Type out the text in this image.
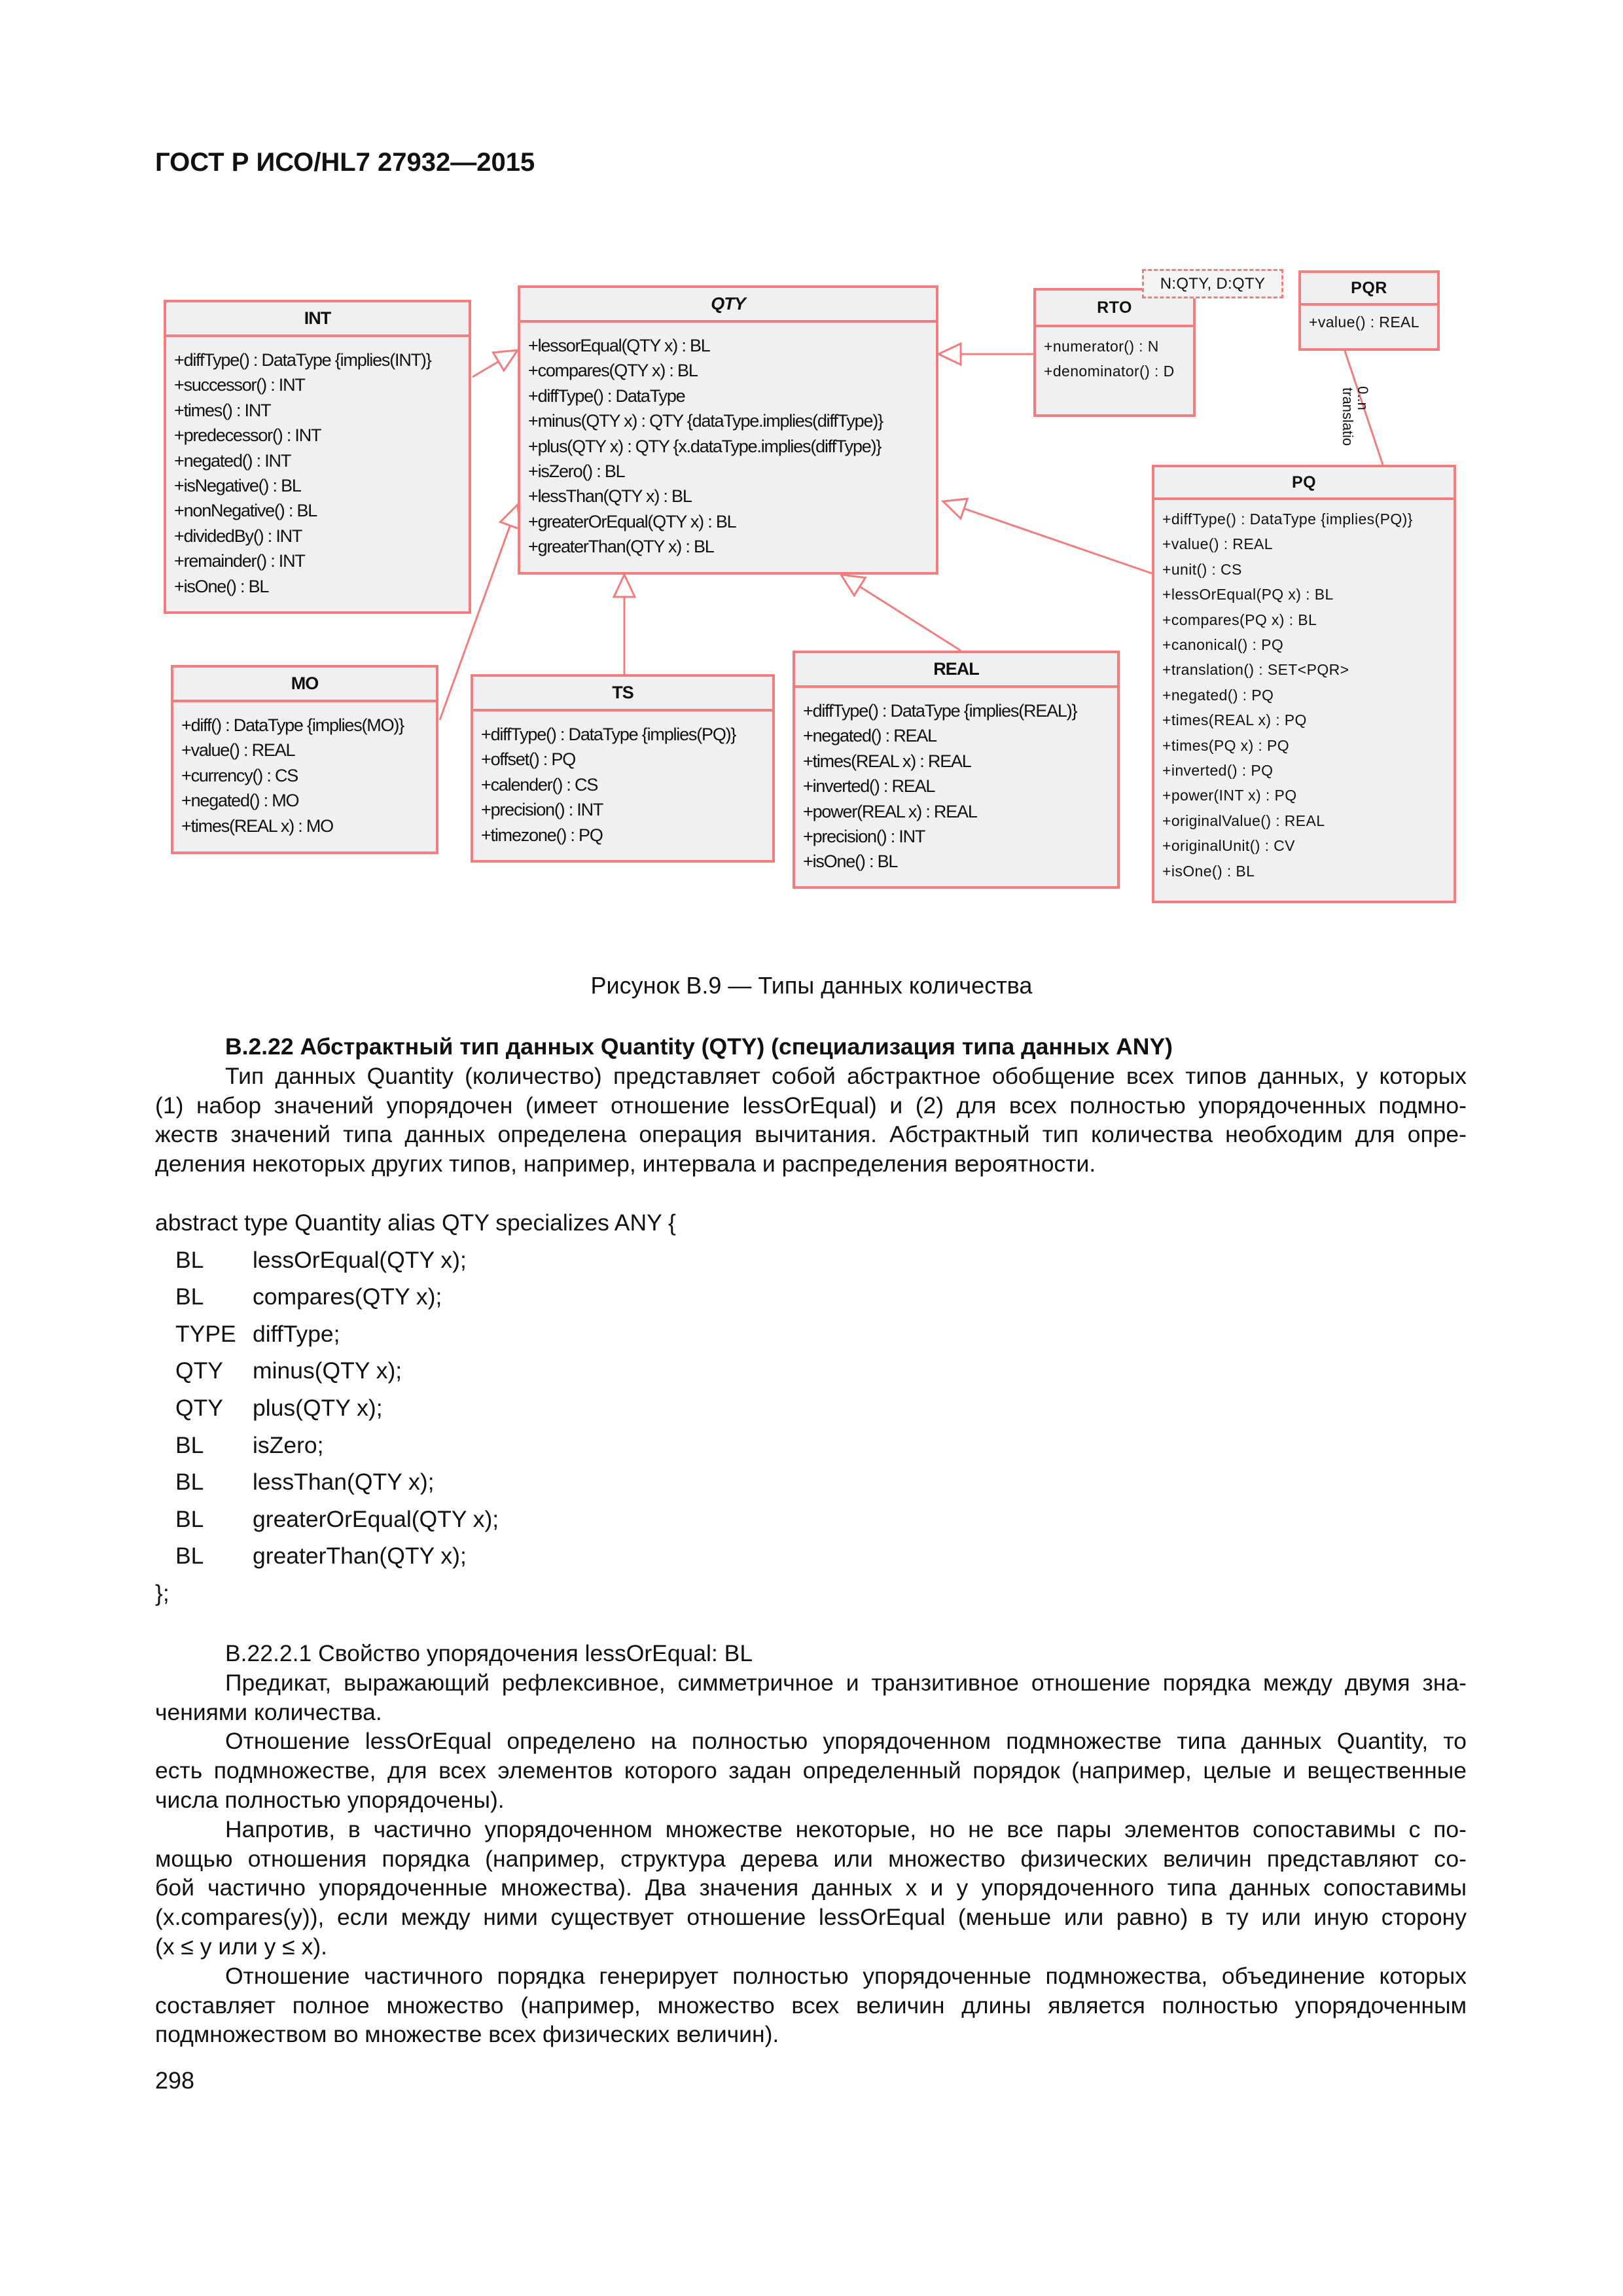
ГОСТ Р ИСО/HL7 27932—2015
0..n
translatio
INT
+diffType() : DataType {implies(INT)}
+successor() : INT
+times() : INT
+predecessor() : INT
+negated() : INT
+isNegative() : BL
+nonNegative() : BL
+dividedBy() : INT
+remainder() : INT
+isOne() : BL
QTY
+lessorEqual(QTY x) : BL
+compares(QTY x) : BL
+diffType() : DataType
+minus(QTY x) : QTY {dataType.implies(diffType)}
+plus(QTY x) : QTY {x.dataType.implies(diffType)}
+isZero() : BL
+lessThan(QTY x) : BL
+greaterOrEqual(QTY x) : BL
+greaterThan(QTY x) : BL
RTO
+numerator() : N
+denominator() : D
PQR
+value() : REAL
PQ
+diffType() : DataType {implies(PQ)}
+value() : REAL
+unit() : CS
+lessOrEqual(PQ x) : BL
+compares(PQ x) : BL
+canonical() : PQ
+translation() : SET<PQR>
+negated() : PQ
+times(REAL x) : PQ
+times(PQ x) : PQ
+inverted() : PQ
+power(INT x) : PQ
+originalValue() : REAL
+originalUnit() : CV
+isOne() : BL
MO
+diff() : DataType {implies(MO)}
+value() : REAL
+currency() : CS
+negated() : MO
+times(REAL x) : MO
TS
+diffType() : DataType {implies(PQ)}
+offset() : PQ
+calender() : CS
+precision() : INT
+timezone() : PQ
REAL
+diffType() : DataType {implies(REAL)}
+negated() : REAL
+times(REAL x) : REAL
+inverted() : REAL
+power(REAL x) : REAL
+precision() : INT
+isOne() : BL
N:QTY, D:QTY
Рисунок B.9 — Типы данных количества
B.2.22 Абстрактный тип данных Quantity (QTY) (специализация типа данных ANY)
Тип данных Quantity (количество) представляет собой абстрактное обобщение всех типов данных, у которых
(1) набор значений упорядочен (имеет отношение lessOrEqual) и (2) для всех полностью упорядоченных подмно-
жеств значений типа данных определена операция вычитания. Абстрактный тип количества необходим для опре-
деления некоторых других типов, например, интервала и распределения вероятности.
abstract type Quantity alias QTY specializes ANY {
BL lessOrEqual(QTY x);
BL compares(QTY x);
TYPE diffType;
QTY minus(QTY x);
QTY plus(QTY x);
BL isZero;
BL lessThan(QTY x);
BL greaterOrEqual(QTY x);
BL greaterThan(QTY x);
};
B.22.2.1 Свойство упорядочения lessOrEqual: BL
Предикат, выражающий рефлексивное, симметричное и транзитивное отношение порядка между двумя зна-
чениями количества.
Отношение lessOrEqual определено на полностью упорядоченном подмножестве типа данных Quantity, то
есть подмножестве, для всех элементов которого задан определенный порядок (например, целые и вещественные
числа полностью упорядочены).
Напротив, в частично упорядоченном множестве некоторые, но не все пары элементов сопоставимы с по-
мощью отношения порядка (например, структура дерева или множество физических величин представляют со-
бой частично упорядоченные множества). Два значения данных x и y упорядоченного типа данных сопоставимы
(x.compares(y)), если между ними существует отношение lessOrEqual (меньше или равно) в ту или иную сторону
(x ≤ y или y ≤ x).
Отношение частичного порядка генерирует полностью упорядоченные подмножества, объединение которых
составляет полное множество (например, множество всех величин длины является полностью упорядоченным
подмножеством во множестве всех физических величин).
298
